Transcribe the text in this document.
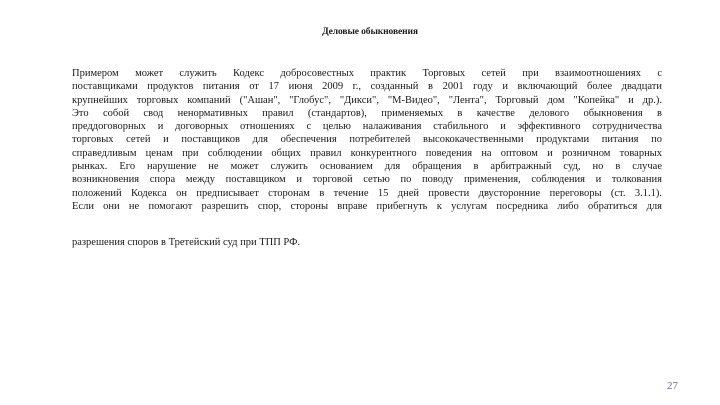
Деловые обыкновения
Примером может служить Кодекс добросовестных практик Торговых сетей при взаимоотношениях с
поставщиками продуктов питания от 17 июня 2009 г., созданный в 2001 году и включающий более двадцати
крупнейших торговых компаний ("Ашан", "Глобус", "Дикси", "М-Видео", "Лента", Торговый дом "Копейка" и др.).
Это собой свод ненормативных правил (стандартов), применяемых в качестве делового обыкновения в
преддоговорных и договорных отношениях с целью налаживания стабильного и эффективного сотрудничества
торговых сетей и поставщиков для обеспечения потребителей высококачественными продуктами питания по
справедливым ценам при соблюдении общих правил конкурентного поведения на оптовом и розничном товарных
рынках. Его нарушение не может служить основанием для обращения в арбитражный суд, но в случае
возникновения спора между поставщиком и торговой сетью по поводу применения, соблюдения и толкования
положений Кодекса он предписывает сторонам в течение 15 дней провести двусторонние переговоры (ст. 3.1.1).
Если они не помогают разрешить спор, стороны вправе прибегнуть к услугам посредника либо обратиться для
разрешения споров в Третейский суд при ТПП РФ.
27
